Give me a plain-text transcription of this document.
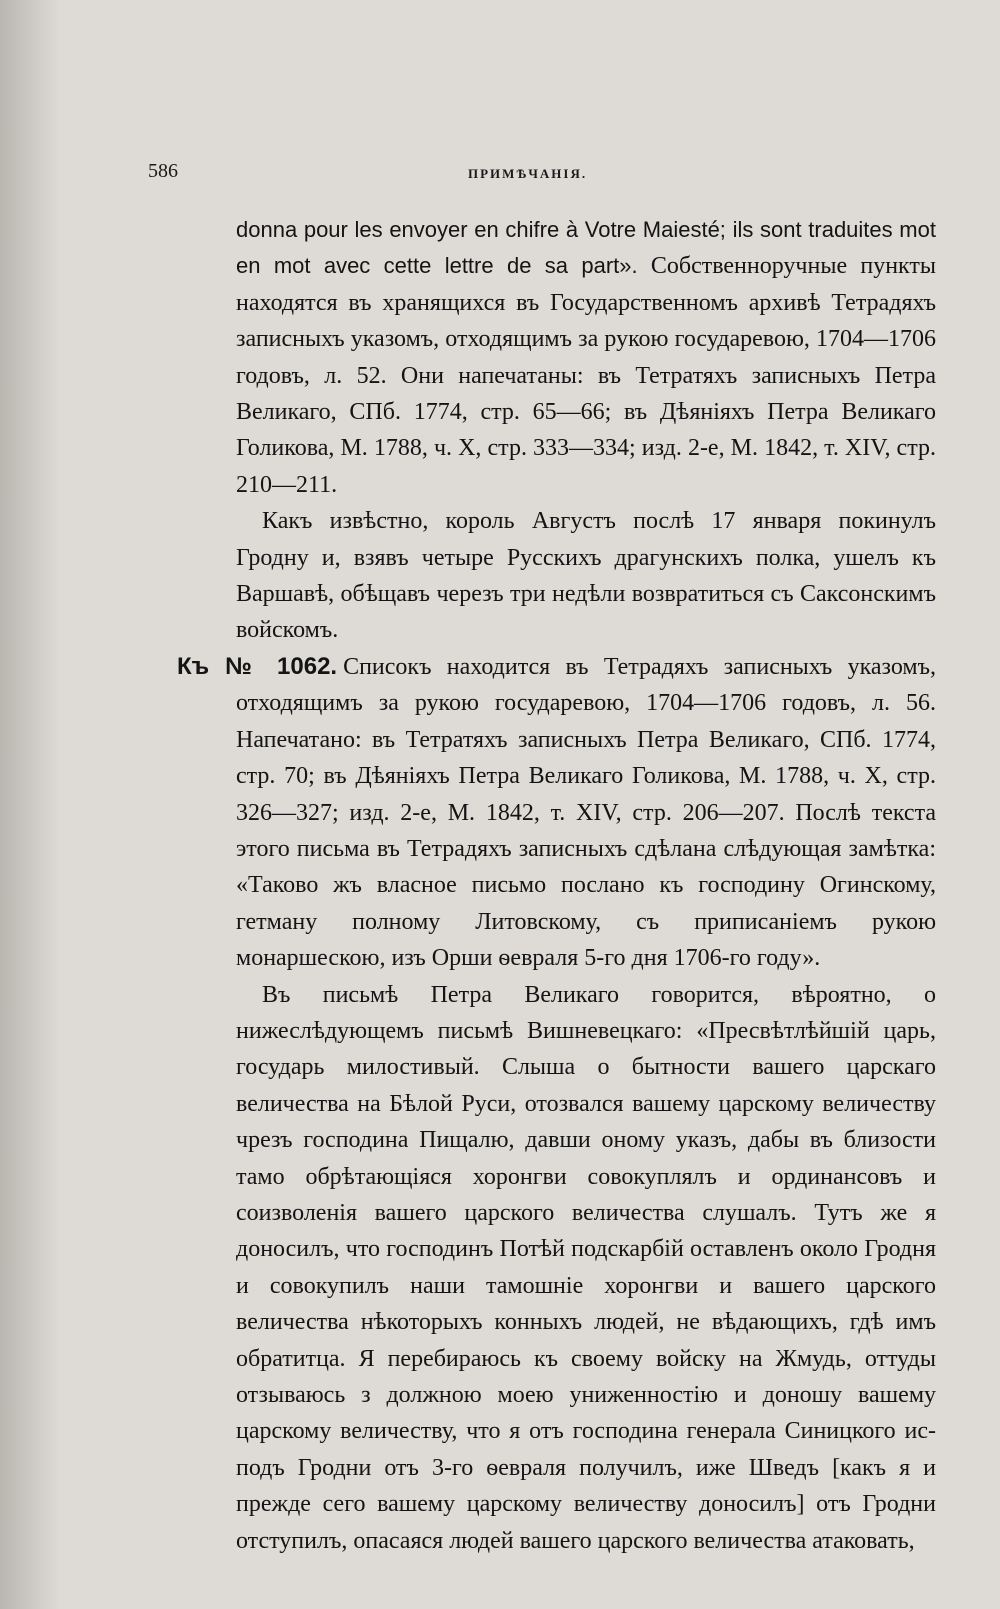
586	ПРИМѢЧАНІЯ.

donna pour les envoyer en chifre à Votre Maiesté; ils sont traduites mot en mot avec cette lettre de sa part». Собственноручные пункты находятся въ хранящихся въ Государственномъ архивѣ Тетрадяхъ записныхъ указомъ, отходящимъ за рукою государевою, 1704—1706 годовъ, л. 52. Они напечатаны: въ Тетратяхъ записныхъ Петра Великаго, СПб. 1774, стр. 65—66; въ Дѣяніяхъ Петра Великаго Голикова, М. 1788, ч. X, стр. 333—334; изд. 2-е, М. 1842, т. XIV, стр. 210—211.

Какъ извѣстно, король Августъ послѣ 17 января покинулъ Гродну и, взявъ четыре Русскихъ драгунскихъ полка, ушелъ къ Варшавѣ, обѣщавъ черезъ три недѣли возвратиться съ Саксонскимъ войскомъ.

Къ № 1062. Списокъ находится въ Тетрадяхъ записныхъ указомъ, отходящимъ за рукою государевою, 1704—1706 годовъ, л. 56. Напечатано: въ Тетратяхъ записныхъ Петра Великаго, СПб. 1774, стр. 70; въ Дѣяніяхъ Петра Великаго Голикова, М. 1788, ч. X, стр. 326—327; изд. 2-е, М. 1842, т. XIV, стр. 206—207. Послѣ текста этого письма въ Тетрадяхъ записныхъ сдѣлана слѣдующая замѣтка: «Таково жъ власное письмо послано къ господину Огинскому, гетману полному Литовскому, съ приписаніемъ рукою монаршескою, изъ Орши ѳевраля 5-го дня 1706-го году».

Въ письмѣ Петра Великаго говорится, вѣроятно, о нижеслѣдующемъ письмѣ Вишневецкаго: «Пресвѣтлѣйшій царь, государь милостивый. Слыша о бытности вашего царскаго величества на Бѣлой Руси, отозвался вашему царскому величеству чрезъ господина Пищалю, давши оному указъ, дабы въ близости тамо обрѣтающіяся хоронгви совокуплялъ и ординансовъ и соизволенія вашего царского величества слушалъ. Тутъ же я доносилъ, что господинъ Потѣй подскарбій оставленъ около Гродня и совокупилъ наши тамошніе хоронгви и вашего царского величества нѣкоторыхъ конныхъ людей, не вѣдающихъ, гдѣ имъ обратитца. Я перебираюсь къ своему войску на Жмудь, оттуды отзываюсь з должною моею униженностію и доношу вашему царскому величеству, что я отъ господина генерала Синицкого ис-подъ Гродни отъ 3-го ѳевраля получилъ, иже Шведъ [какъ я и прежде сего вашему царскому величеству доносилъ] отъ Гродни отступилъ, опасаяся людей вашего царского величества атаковать,
